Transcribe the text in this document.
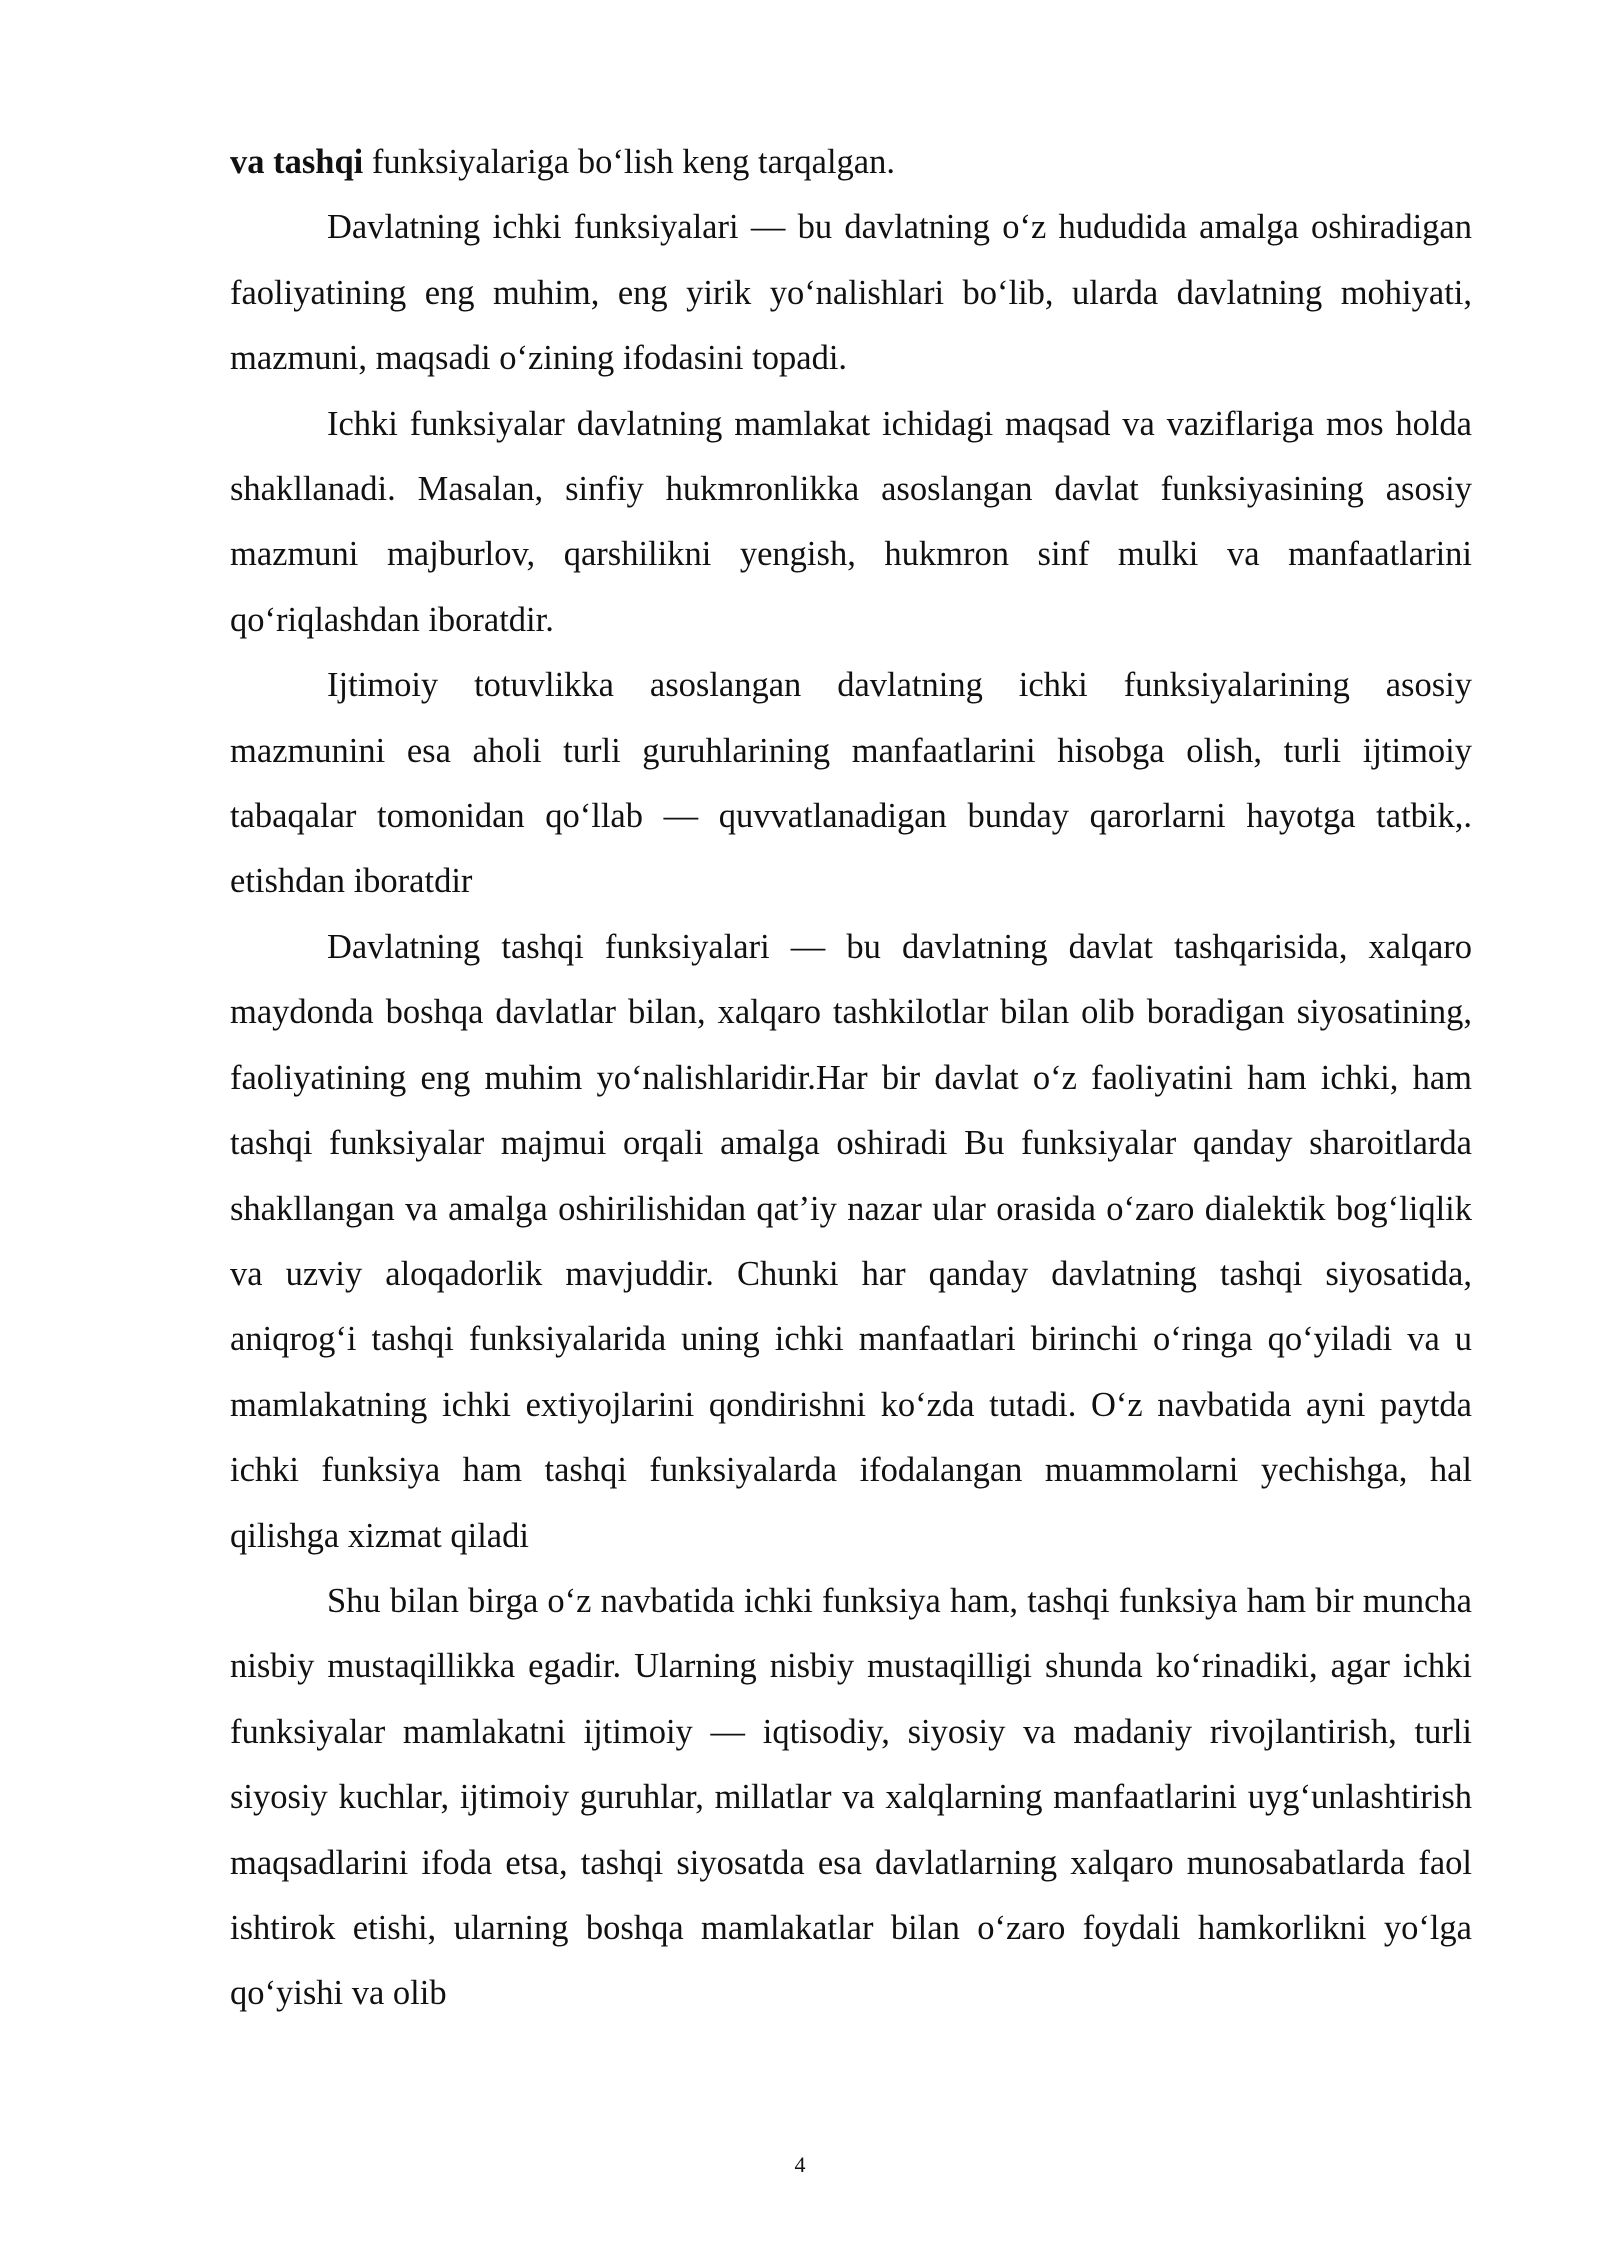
va tashqi funksiyalariga bo‘lish keng tarqalgan.

Davlatning ichki funksiyalari — bu davlatning o‘z hududida amalga oshiradigan faoliyatining eng muhim, eng yirik yo‘nalishlari bo‘lib, ularda davlatning mohiyati, mazmuni, maqsadi o‘zining ifodasini topadi.

Ichki funksiyalar davlatning mamlakat ichidagi maqsad va vaziflariga mos holda shakllanadi. Masalan, sinfiy hukmronlikka asoslangan davlat funksiyasining asosiy mazmuni majburlov, qarshilikni yengish, hukmron sinf mulki va manfaatlarini qo‘riqlashdan iboratdir.

Ijtimoiy totuvlikka asoslangan davlatning ichki funksiyalarining asosiy mazmunini esa aholi turli guruhlarining manfaatlarini hisobga olish, turli ijtimoiy tabaqalar tomonidan qo‘llab — quvvatlanadigan bunday qarorlarni hayotga tatbik,. etishdan iboratdir

Davlatning tashqi funksiyalari — bu davlatning davlat tashqarisida, xalqaro maydonda boshqa davlatlar bilan, xalqaro tashkilotlar bilan olib boradigan siyosatining, faoliyatining eng muhim yo‘nalishlaridir.Har bir davlat o‘z faoliyatini ham ichki, ham tashqi funksiyalar majmui orqali amalga oshiradi Bu funksiyalar qanday sharoitlarda shakllangan va amalga oshirilishidan qat’iy nazar ular orasida o‘zaro dialektik bog‘liqlik va uzviy aloqadorlik mavjuddir. Chunki har qanday davlatning tashqi siyosatida, aniqrog‘i tashqi funksiyalarida uning ichki manfaatlari birinchi o‘ringa qo‘yiladi va u mamlakatning ichki extiyojlarini qondirishni ko‘zda tutadi. O‘z navbatida ayni paytda ichki funksiya ham tashqi funksiyalarda ifodalangan muammolarni yechishga, hal qilishga xizmat qiladi

Shu bilan birga o‘z navbatida ichki funksiya ham, tashqi funksiya ham bir muncha nisbiy mustaqillikka egadir. Ularning nisbiy mustaqilligi shunda ko‘rinadiki, agar ichki funksiyalar mamlakatni ijtimoiy — iqtisodiy, siyosiy va madaniy rivojlantirish, turli siyosiy kuchlar, ijtimoiy guruhlar, millatlar va xalqlarning manfaatlarini uyg‘unlashtirish maqsadlarini ifoda etsa, tashqi siyosatda esa davlatlarning xalqaro munosabatlarda faol ishtirok etishi, ularning boshqa mamlakatlar bilan o‘zaro foydali hamkorlikni yo‘lga qo‘yishi va olib

4
